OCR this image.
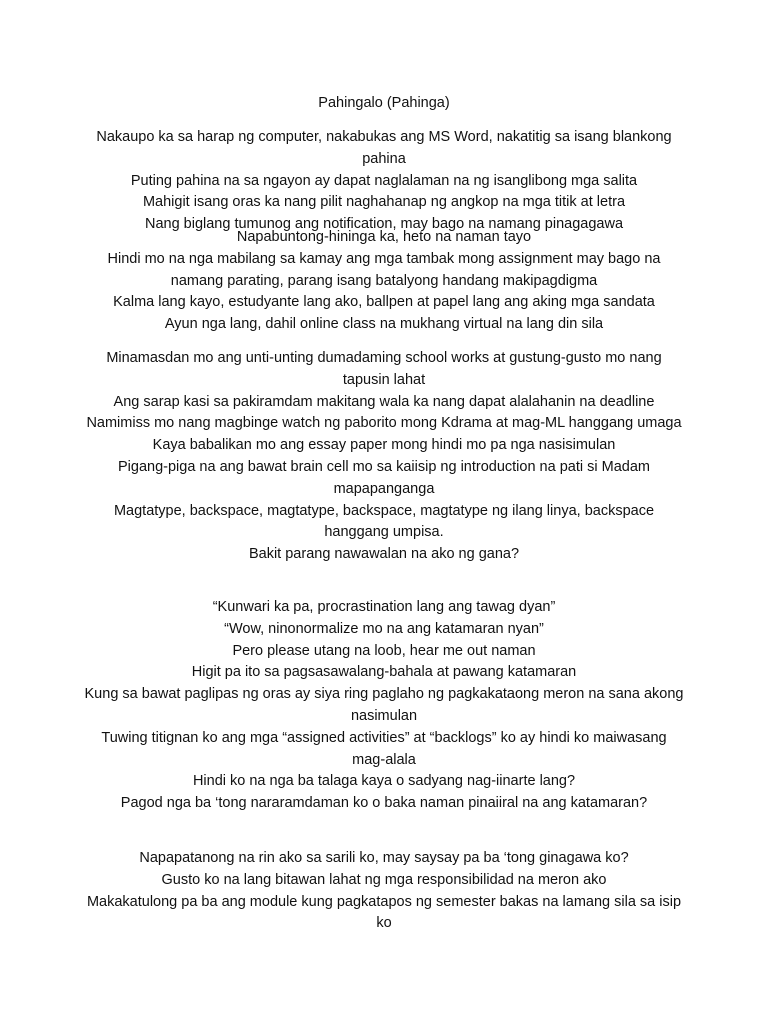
Pahingalo (Pahinga)
Nakaupo ka sa harap ng computer, nakabukas ang MS Word, nakatitig sa isang blankong pahina
Puting pahina na sa ngayon ay dapat naglalaman na ng isanglibong mga salita
Mahigit isang oras ka nang pilit naghahanap ng angkop na mga titik at letra
Nang biglang tumunog ang notification, may bago na namang pinagagawa
Napabuntong-hininga ka, heto na naman tayo
Hindi mo na nga mabilang sa kamay ang mga tambak mong assignment may bago na namang parating, parang isang batalyong handang makipagdigma
Kalma lang kayo, estudyante lang ako, ballpen at papel lang ang aking mga sandata
Ayun nga lang, dahil online class na mukhang virtual na lang din sila
Minamasdan mo ang unti-unting dumadaming school works at gustung-gusto mo nang tapusin lahat
Ang sarap kasi sa pakiramdam makitang wala ka nang dapat alalahanin na deadline
Namimiss mo nang magbinge watch ng paborito mong Kdrama at mag-ML hanggang umaga
Kaya babalikan mo ang essay paper mong hindi mo pa nga nasisimulan
Pigang-piga na ang bawat brain cell mo sa kaiisip ng introduction na pati si Madam mapapanganga
Magtatype, backspace, magtatype, backspace, magtatype ng ilang linya, backspace hanggang umpisa.
Bakit parang nawawalan na ako ng gana?
“Kunwari ka pa, procrastination lang ang tawag dyan”
“Wow, ninonormalize mo na ang katamaran nyan”
Pero please utang na loob, hear me out naman
Higit pa ito sa pagsasawalang-bahala at pawang katamaran
Kung sa bawat paglipas ng oras ay siya ring paglaho ng pagkakataong meron na sana akong nasimulan
Tuwing titignan ko ang mga “assigned activities” at “backlogs” ko ay hindi ko maiwasang mag-alala
Hindi ko na nga ba talaga kaya o sadyang nag-iinarte lang?
Pagod nga ba ‘tong nararamdaman ko o baka naman pinaiiral na ang katamaran?
Napapatanong na rin ako sa sarili ko, may saysay pa ba ‘tong ginagawa ko?
Gusto ko na lang bitawan lahat ng mga responsibilidad na meron ako
Makakatulong pa ba ang module kung pagkatapos ng semester bakas na lamang sila sa isip ko
